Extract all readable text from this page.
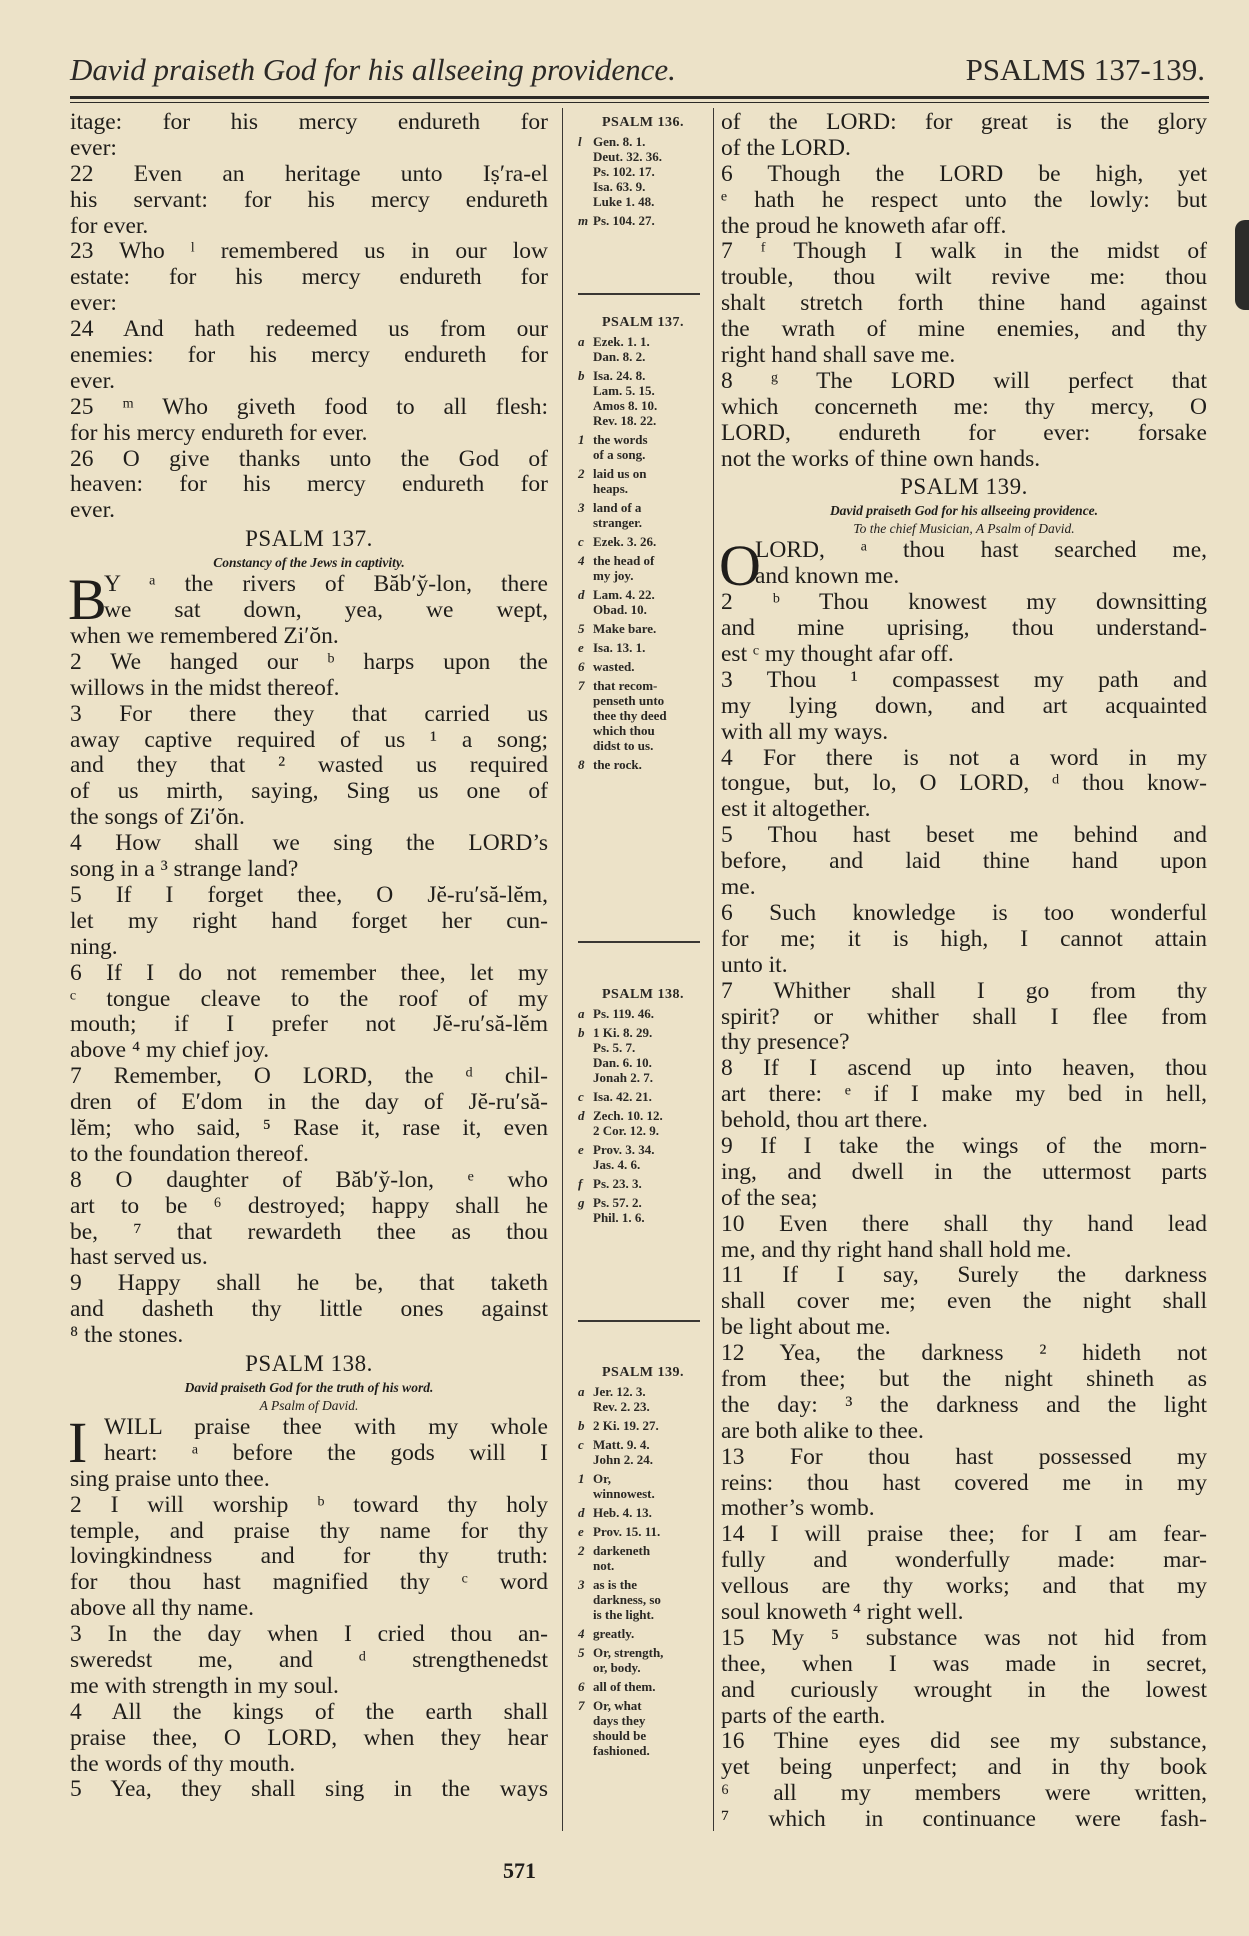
David praiseth God for his allseeing providence.	PSALMS 137-139.
itage: for his mercy endureth for
ever:
22 Even an heritage unto Iṣ′ra-el
his servant: for his mercy endureth
for ever.
23 Who ˡ remembered us in our low
estate: for his mercy endureth for
ever:
24 And hath redeemed us from our
enemies: for his mercy endureth for
ever.
25 ᵐ Who giveth food to all flesh:
for his mercy endureth for ever.
26 O give thanks unto the God of
heaven: for his mercy endureth for
ever.
PSALM 137.
Constancy of the Jews in captivity.
B
Y ᵃ the rivers of Băb′y̆-lon, there
we sat down, yea, we wept,
when we remembered Zi′ŏn.
2 We hanged our ᵇ harps upon the
willows in the midst thereof.
3 For there they that carried us
away captive required of us ¹ a song;
and they that ² wasted us required
of us mirth, saying, Sing us one of
the songs of Zi′ŏn.
4 How shall we sing the LORD’s
song in a ³ strange land?
5 If I forget thee, O Jĕ-ru′să-lĕm,
let my right hand forget her cun-
ning.
6 If I do not remember thee, let my
ᶜ tongue cleave to the roof of my
mouth; if I prefer not Jĕ-ru′să-lĕm
above ⁴ my chief joy.
7 Remember, O LORD, the ᵈ chil-
dren of E′dom in the day of Jĕ-ru′să-
lĕm; who said, ⁵ Rase it, rase it, even
to the foundation thereof.
8 O daughter of Băb′y̆-lon, ᵉ who
art to be ⁶ destroyed; happy shall he
be, ⁷ that rewardeth thee as thou
hast served us.
9 Happy shall he be, that taketh
and dasheth thy little ones against
⁸ the stones.
PSALM 138.
David praiseth God for the truth of his word.
A Psalm of David.
I WILL praise thee with my whole
heart: ᵃ before the gods will I
sing praise unto thee.
2 I will worship ᵇ toward thy holy
temple, and praise thy name for thy
lovingkindness and for thy truth:
for thou hast magnified thy ᶜ word
above all thy name.
3 In the day when I cried thou an-
sweredst me, and ᵈ strengthenedst
me with strength in my soul.
4 All the kings of the earth shall
praise thee, O LORD, when they hear
the words of thy mouth.
5 Yea, they shall sing in the ways
PSALM 136.
l Gen. 8. 1.
Deut. 32. 36.
Ps. 102. 17.
Isa. 63. 9.
Luke 1. 48.
m Ps. 104. 27.
PSALM 137.
a Ezek. 1. 1.
Dan. 8. 2.
b Isa. 24. 8.
Lam. 5. 15.
Amos 8. 10.
Rev. 18. 22.
1 the words
of a song.
2 laid us on
heaps.
3 land of a
stranger.
c Ezek. 3. 26.
4 the head of
my joy.
d Lam. 4. 22.
Obad. 10.
5 Make bare.
e Isa. 13. 1.
6 wasted.
7 that recom-
penseth unto
thee thy deed
which thou
didst to us.
8 the rock.
PSALM 138.
a Ps. 119. 46.
b 1 Ki. 8. 29.
Ps. 5. 7.
Dan. 6. 10.
Jonah 2. 7.
c Isa. 42. 21.
d Zech. 10. 12.
2 Cor. 12. 9.
e Prov. 3. 34.
Jas. 4. 6.
f Ps. 23. 3.
g Ps. 57. 2.
Phil. 1. 6.
PSALM 139.
a Jer. 12. 3.
Rev. 2. 23.
b 2 Ki. 19. 27.
c Matt. 9. 4.
John 2. 24.
1 Or,
winnowest.
d Heb. 4. 13.
e Prov. 15. 11.
2 darkeneth
not.
3 as is the
darkness, so
is the light.
4 greatly.
5 Or, strength,
or, body.
6 all of them.
7 Or, what
days they
should be
fashioned.
of the LORD: for great is the glory
of the LORD.
6 Though the LORD be high, yet
ᵉ hath he respect unto the lowly: but
the proud he knoweth afar off.
7 ᶠ Though I walk in the midst of
trouble, thou wilt revive me: thou
shalt stretch forth thine hand against
the wrath of mine enemies, and thy
right hand shall save me.
8 ᵍ The LORD will perfect that
which concerneth me: thy mercy, O
LORD, endureth for ever: forsake
not the works of thine own hands.
PSALM 139.
David praiseth God for his allseeing providence.
To the chief Musician, A Psalm of David.
O
LORD, ᵃ thou hast searched me,
and known me.
2 ᵇ Thou knowest my downsitting
and mine uprising, thou understand-
est ᶜ my thought afar off.
3 Thou ¹ compassest my path and
my lying down, and art acquainted
with all my ways.
4 For there is not a word in my
tongue, but, lo, O LORD, ᵈ thou know-
est it altogether.
5 Thou hast beset me behind and
before, and laid thine hand upon
me.
6 Such knowledge is too wonderful
for me; it is high, I cannot attain
unto it.
7 Whither shall I go from thy
spirit? or whither shall I flee from
thy presence?
8 If I ascend up into heaven, thou
art there: ᵉ if I make my bed in hell,
behold, thou art there.
9 If I take the wings of the morn-
ing, and dwell in the uttermost parts
of the sea;
10 Even there shall thy hand lead
me, and thy right hand shall hold me.
11 If I say, Surely the darkness
shall cover me; even the night shall
be light about me.
12 Yea, the darkness ² hideth not
from thee; but the night shineth as
the day: ³ the darkness and the light
are both alike to thee.
13 For thou hast possessed my
reins: thou hast covered me in my
mother’s womb.
14 I will praise thee; for I am fear-
fully and wonderfully made: mar-
vellous are thy works; and that my
soul knoweth ⁴ right well.
15 My ⁵ substance was not hid from
thee, when I was made in secret,
and curiously wrought in the lowest
parts of the earth.
16 Thine eyes did see my substance,
yet being unperfect; and in thy book
⁶ all my members were written,
⁷ which in continuance were fash-
571
